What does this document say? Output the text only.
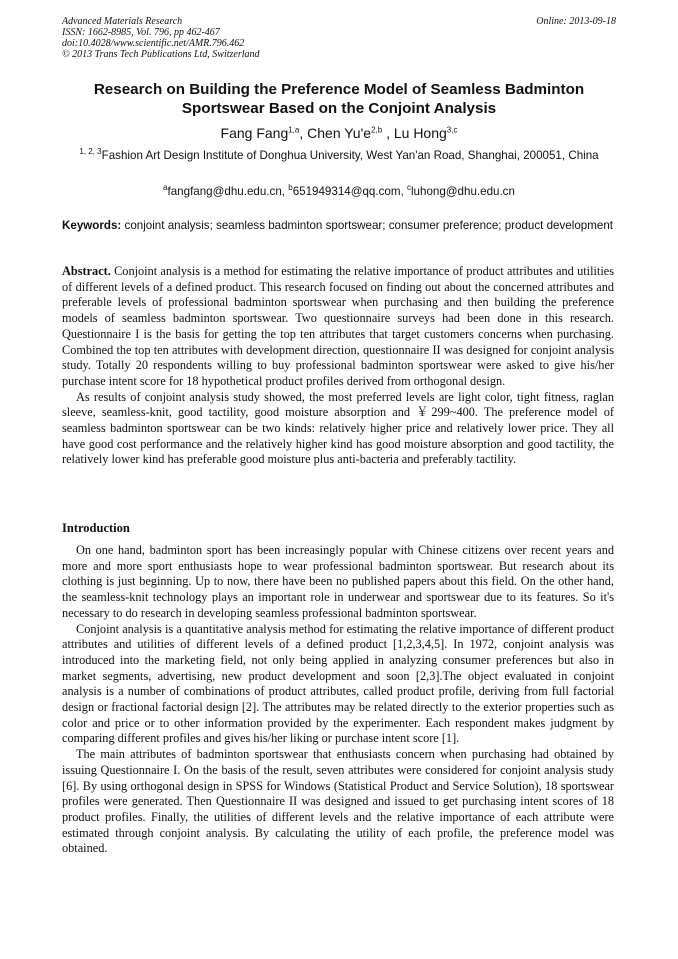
Advanced Materials Research
ISSN: 1662-8985, Vol. 796, pp 462-467
doi:10.4028/www.scientific.net/AMR.796.462
© 2013 Trans Tech Publications Ltd, Switzerland
Online: 2013-09-18
Research on Building the Preference Model of Seamless Badminton Sportswear Based on the Conjoint Analysis
Fang Fang$^{1,a}$, Chen $Yu'e^{2,b}$ , Lu Hong$^{3,c}$
$^{1, 2, 3}$Fashion Art Design Institute of Donghua University, West Yan'an Road, Shanghai, 200051, China
$^a$fangfang@dhu.edu.cn, $^b$651949314@qq.com, $^c$luhong@dhu.edu.cn
Keywords: conjoint analysis; seamless badminton sportswear; consumer preference; product development

Abstract. Conjoint analysis is a method for estimating the relative importance of product attributes and utilities of different levels of a defined product. This research focused on finding out about the concerned attributes and preferable levels of professional badminton sportswear when purchasing and then building the preference models of seamless badminton sportswear. Two questionnaire surveys had been done in this research. Questionnaire I is the basis for getting the top ten attributes that target customers concerns when purchasing. Combined the top ten attributes with development direction, questionnaire II was designed for conjoint analysis study. Totally 20 respondents willing to buy professional badminton sportswear were asked to give his/her purchase intent score for 18 hypothetical product profiles derived from orthogonal design.

As results of conjoint analysis study showed, the most preferred levels are light color, tight fitness, raglan sleeve, seamless-knit, good tactility, good moisture absorption and ￥299~400. The preference model of seamless badminton sportswear can be two kinds: relatively higher price and relatively lower price. They all have good cost performance and the relatively higher kind has good moisture absorption and good tactility, the relatively lower kind has preferable good moisture plus anti-bacteria and preferably tactility.

Introduction

On one hand, badminton sport has been increasingly popular with Chinese citizens over recent years and more and more sport enthusiasts hope to wear professional badminton sportswear. But research about its clothing is just beginning. Up to now, there have been no published papers about this field. On the other hand, the seamless-knit technology plays an important role in underwear and sportswear due to its features. So it's necessary to do research in developing seamless professional badminton sportswear.

Conjoint analysis is a quantitative analysis method for estimating the relative importance of different product attributes and utilities of different levels of a defined product [1,2,3,4,5]. In 1972, conjoint analysis was introduced into the marketing field, not only being applied in analyzing consumer preferences but also in market segments, advertising, new product development and soon [2,3].The object evaluated in conjoint analysis is a number of combinations of product attributes, called product profile, deriving from full factorial design or fractional factorial design [2]. The attributes may be related directly to the exterior properties such as color and price or to other information provided by the experimenter. Each respondent makes judgment by comparing different profiles and gives his/her liking or purchase intent score [1].

The main attributes of badminton sportswear that enthusiasts concern when purchasing had obtained by issuing Questionnaire I. On the basis of the result, seven attributes were considered for conjoint analysis study [6]. By using orthogonal design in SPSS for Windows (Statistical Product and Service Solution), 18 sportswear profiles were generated. Then Questionnaire II was designed and issued to get purchasing intent scores of 18 product profiles. Finally, the utilities of different levels and the relative importance of each attribute were estimated through conjoint analysis. By calculating the utility of each profile, the preference model was obtained.
